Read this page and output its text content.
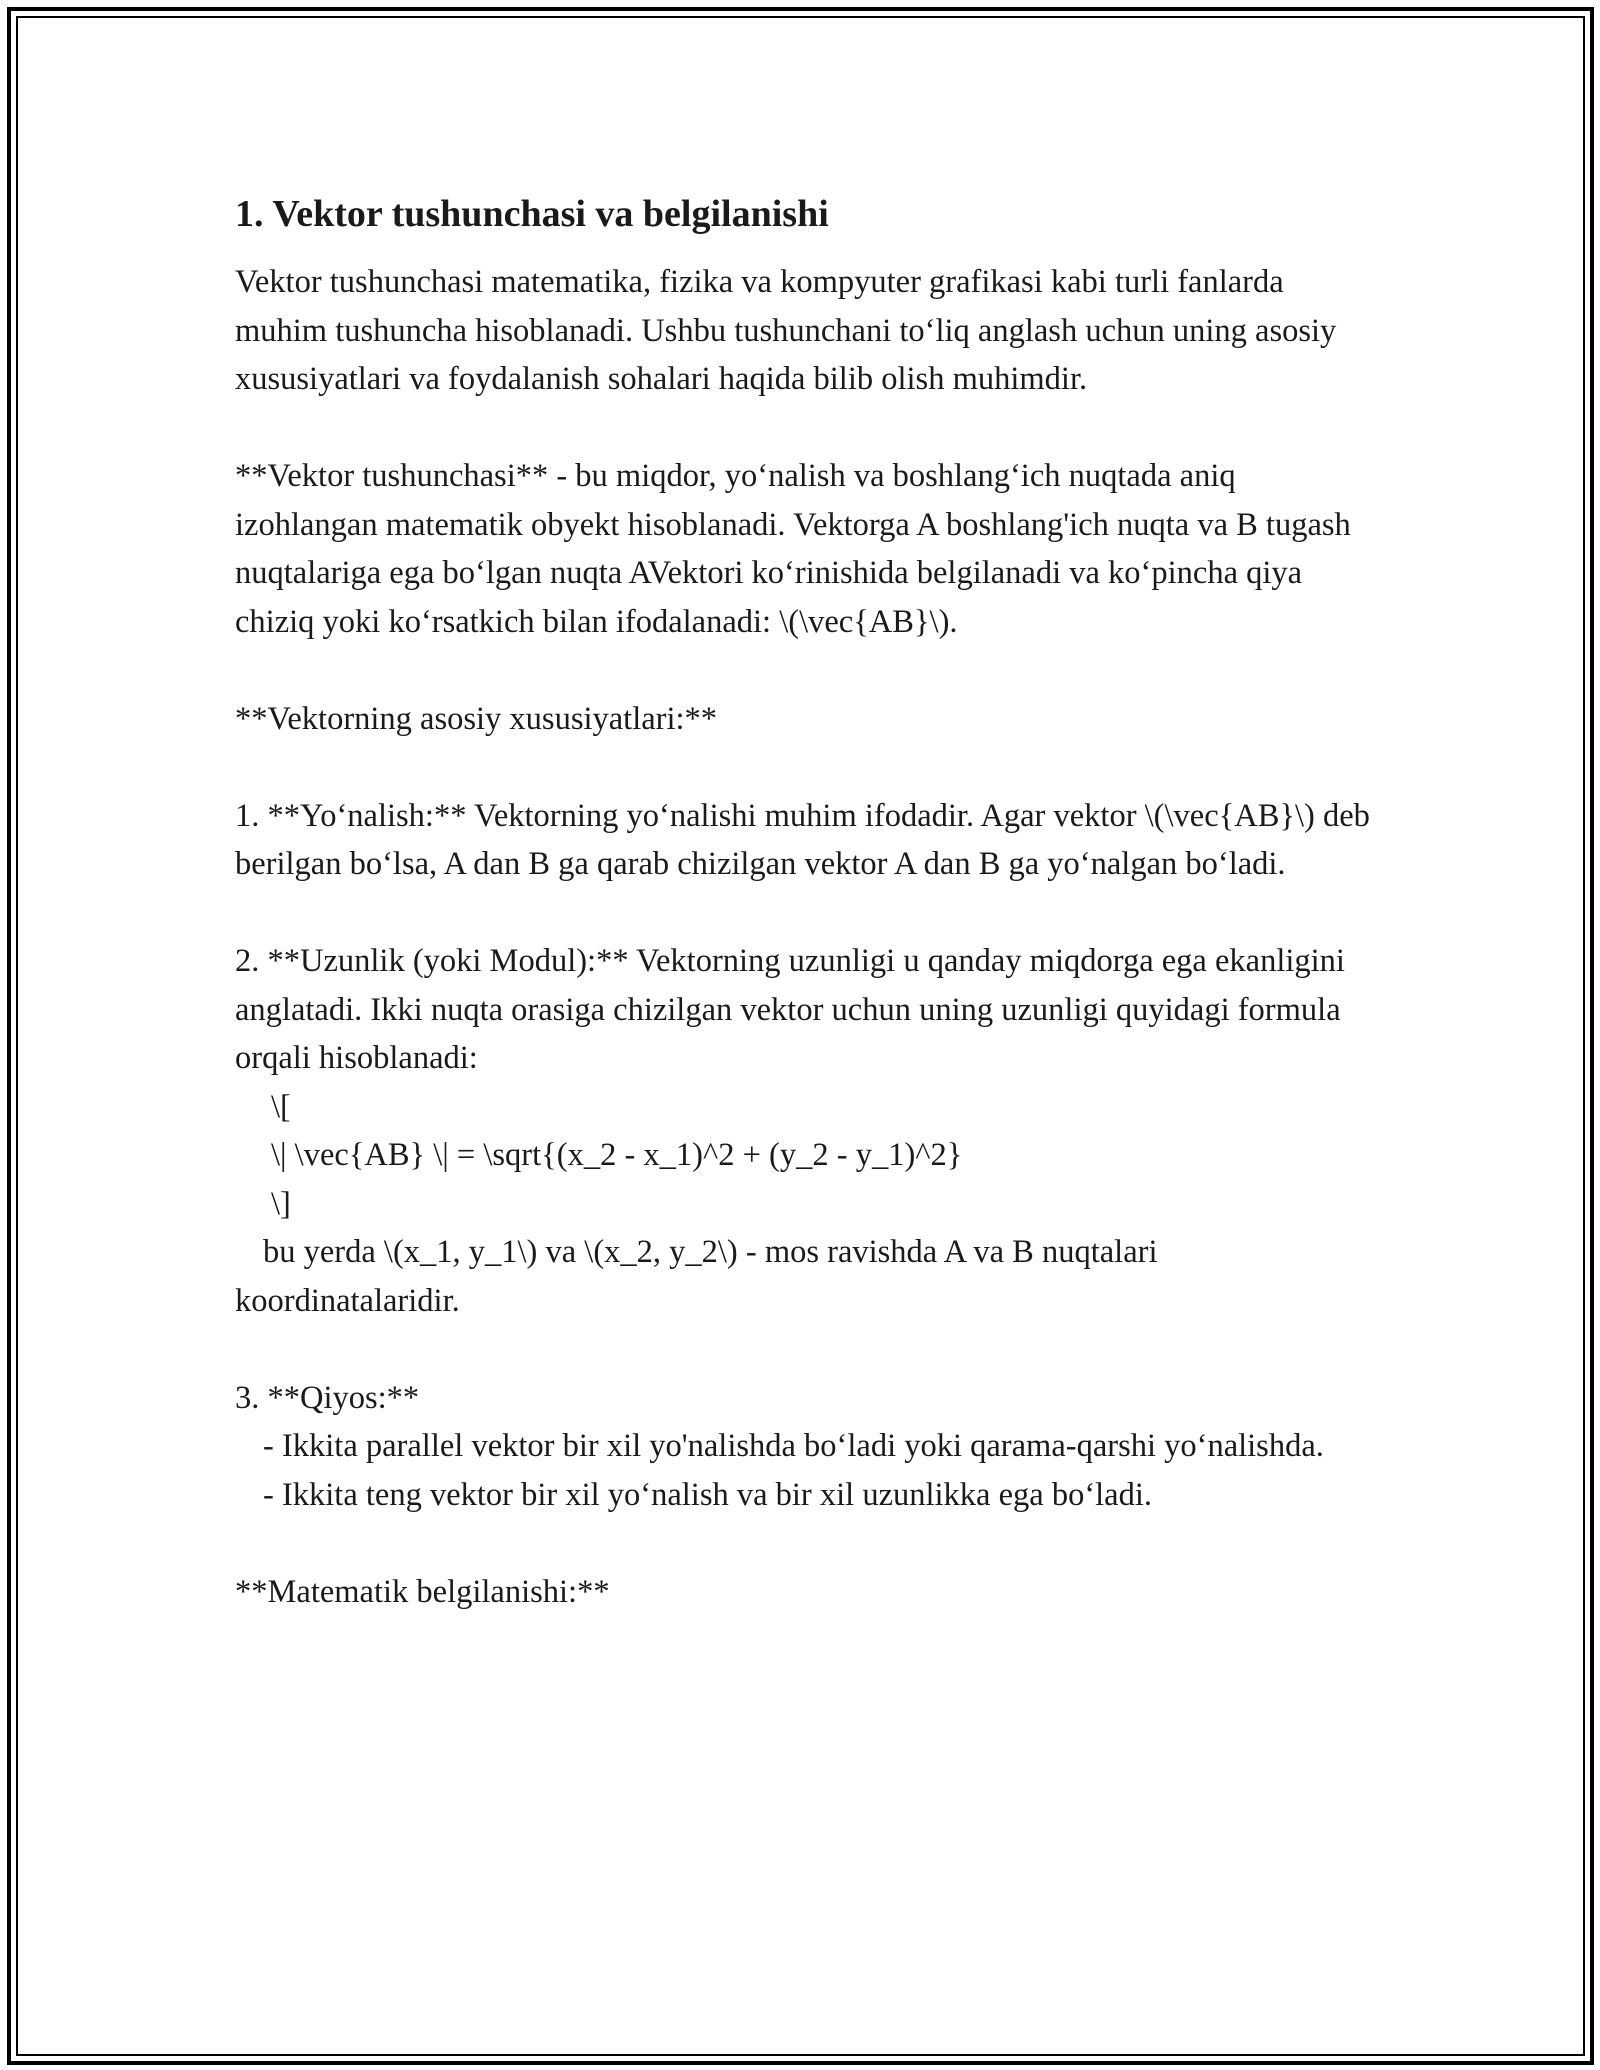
1. Vektor tushunchasi va belgilanishi

Vektor tushunchasi matematika, fizika va kompyuter grafikasi kabi turli fanlarda muhim tushuncha hisoblanadi. Ushbu tushunchani to‘liq anglash uchun uning asosiy xususiyatlari va foydalanish sohalari haqida bilib olish muhimdir.

**Vektor tushunchasi** - bu miqdor, yo‘nalish va boshlang‘ich nuqtada aniq izohlangan matematik obyekt hisoblanadi. Vektorga A boshlang'ich nuqta va B tugash nuqtalariga ega bo‘lgan nuqta AVektori ko‘rinishida belgilanadi va ko‘pincha qiya chiziq yoki ko‘rsatkich bilan ifodalanadi: \(\vec{AB}\).

**Vektorning asosiy xususiyatlari:**

1. **Yo‘nalish:** Vektorning yo‘nalishi muhim ifodadir. Agar vektor \(\vec{AB}\) deb berilgan bo‘lsa, A dan B ga qarab chizilgan vektor A dan B ga yo‘nalgan bo‘ladi.

2. **Uzunlik (yoki Modul):** Vektorning uzunligi u qanday miqdorga ega ekanligini anglatadi. Ikki nuqta orasiga chizilgan vektor uchun uning uzunligi quyidagi formula orqali hisoblanadi:

\[

\| \vec{AB} \| = \sqrt{(x_2 - x_1)^2 + (y_2 - y_1)^2}

\]

bu yerda \(x_1, y_1\) va \(x_2, y_2\) - mos ravishda A va B nuqtalari koordinatalaridir.

3. **Qiyos:**

- Ikkita parallel vektor bir xil yo'nalishda bo‘ladi yoki qarama-qarshi yo‘nalishda.

- Ikkita teng vektor bir xil yo‘nalish va bir xil uzunlikka ega bo‘ladi.

**Matematik belgilanishi:**
